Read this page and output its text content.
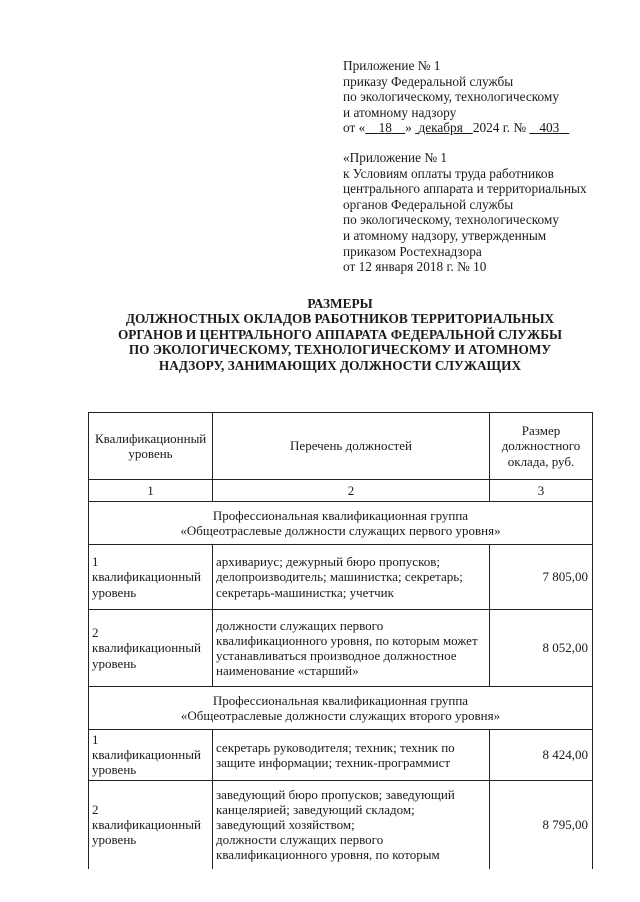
Приложение № 1
приказу Федеральной службы
по экологическому, технологическому
и атомному надзору
от « 18 » декабря 2024 г. № 403
«Приложение № 1
к Условиям оплаты труда работников
центрального аппарата и территориальных
органов Федеральной службы
по экологическому, технологическому
и атомному надзору, утвержденным
приказом Ростехнадзора
от 12 января 2018 г. № 10
РАЗМЕРЫ
ДОЛЖНОСТНЫХ ОКЛАДОВ РАБОТНИКОВ ТЕРРИТОРИАЛЬНЫХ
ОРГАНОВ И ЦЕНТРАЛЬНОГО АППАРАТА ФЕДЕРАЛЬНОЙ СЛУЖБЫ
ПО ЭКОЛОГИЧЕСКОМУ, ТЕХНОЛОГИЧЕСКОМУ И АТОМНОМУ
НАДЗОРУ, ЗАНИМАЮЩИХ ДОЛЖНОСТИ СЛУЖАЩИХ
Квалификационный уровень	Перечень должностей	Размер должностного оклада, руб.
1	2	3

Профессиональная квалификационная группа
«Общеотраслевые должности служащих первого уровня»		

1 квалификационный уровень	архивариус; дежурный бюро пропусков; делопроизводитель; машинистка; секретарь; секретарь-машинистка; учетчик	7 805,00
2 квалификационный уровень	должности служащих первого квалификационного уровня, по которым может устанавливаться производное должностное наименование «старший»	8 052,00

Профессиональная квалификационная группа
«Общеотраслевые должности служащих второго уровня»		

1 квалификационный уровень	секретарь руководителя; техник; техник по защите информации; техник-программист	8 424,00
2 квалификационный уровень	заведующий бюро пропусков; заведующий канцелярией; заведующий складом; заведующий хозяйством;
должности служащих первого квалификационного уровня, по которым	8 795,00
